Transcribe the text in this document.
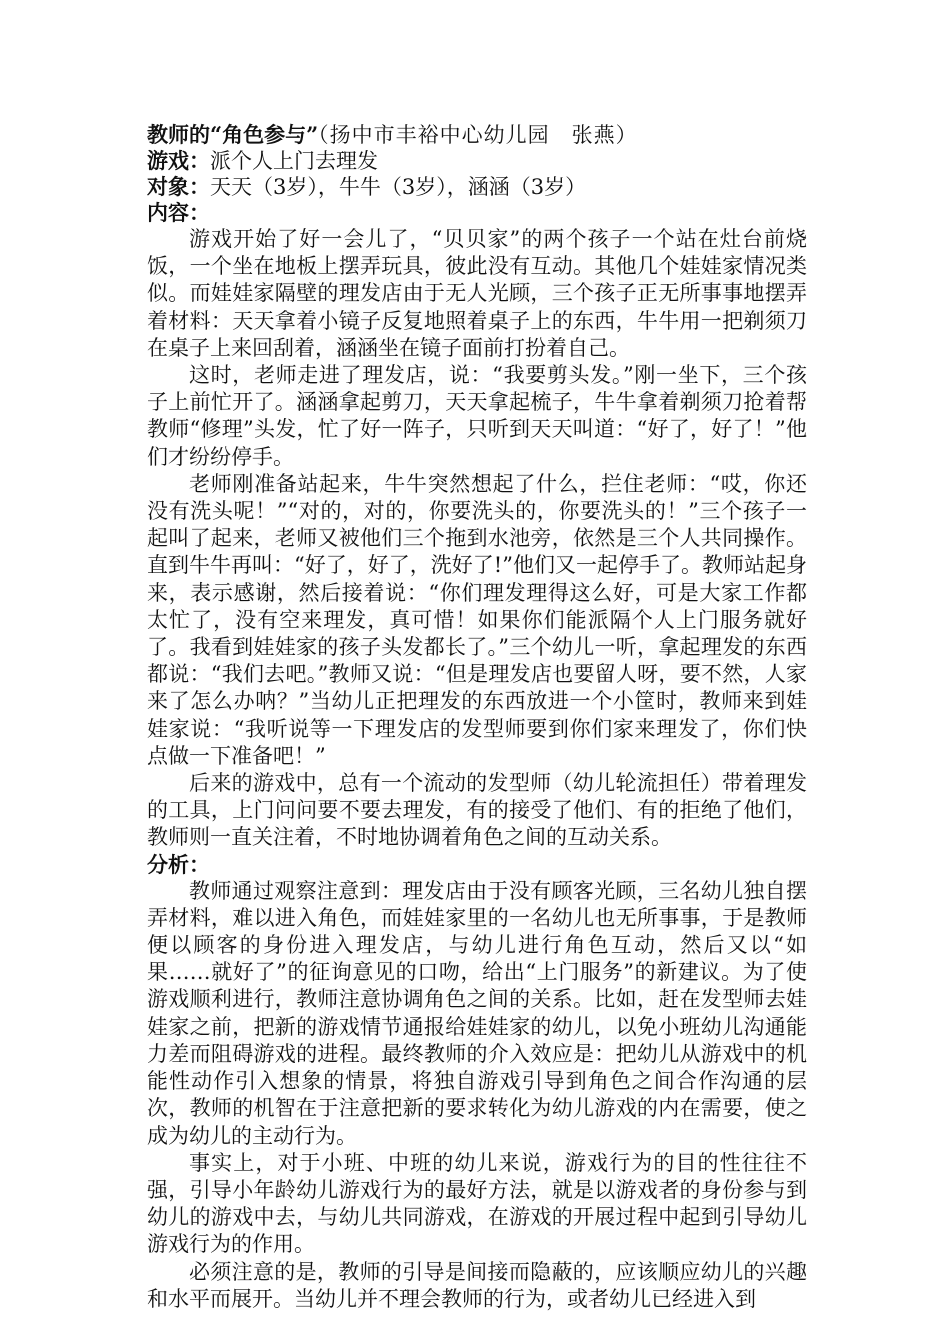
教师的“角色参与”（扬中市丰裕中心幼儿园　张燕）
游戏：派个人上门去理发
对象：天天（3岁），牛牛（3岁），涵涵（3岁）
内容：

游戏开始了好一会儿了，“贝贝家”的两个孩子一个站在灶台前烧饭，一个坐在地板上摆弄玩具，彼此没有互动。其他几个娃娃家情况类似。而娃娃家隔壁的理发店由于无人光顾，三个孩子正无所事事地摆弄着材料：天天拿着小镜子反复地照着桌子上的东西，牛牛用一把剃须刀在桌子上来回刮着，涵涵坐在镜子面前打扮着自己。

这时，老师走进了理发店，说：“我要剪头发。”刚一坐下，三个孩子上前忙开了。涵涵拿起剪刀，天天拿起梳子，牛牛拿着剃须刀抢着帮教师“修理”头发，忙了好一阵子，只听到天天叫道：“好了，好了！”他们才纷纷停手。

老师刚准备站起来，牛牛突然想起了什么，拦住老师：“哎，你还没有洗头呢！”“对的，对的，你要洗头的，你要洗头的！”三个孩子一起叫了起来，老师又被他们三个拖到水池旁，依然是三个人共同操作。直到牛牛再叫：“好了，好了，洗好了!”他们又一起停手了。教师站起身来，表示感谢，然后接着说：“你们理发理得这么好，可是大家工作都太忙了，没有空来理发，真可惜！如果你们能派隔个人上门服务就好了。我看到娃娃家的孩子头发都长了。”三个幼儿一听，拿起理发的东西都说：“我们去吧。”教师又说：“但是理发店也要留人呀，要不然，人家来了怎么办呐？”当幼儿正把理发的东西放进一个小筐时，教师来到娃娃家说：“我听说等一下理发店的发型师要到你们家来理发了，你们快点做一下准备吧！”

后来的游戏中，总有一个流动的发型师（幼儿轮流担任）带着理发的工具，上门问问要不要去理发，有的接受了他们、有的拒绝了他们，教师则一直关注着，不时地协调着角色之间的互动关系。

分析：

教师通过观察注意到：理发店由于没有顾客光顾，三名幼儿独自摆弄材料，难以进入角色，而娃娃家里的一名幼儿也无所事事，于是教师便以顾客的身份进入理发店，与幼儿进行角色互动，然后又以“如果……就好了”的征询意见的口吻，给出“上门服务”的新建议。为了使游戏顺利进行，教师注意协调角色之间的关系。比如，赶在发型师去娃娃家之前，把新的游戏情节通报给娃娃家的幼儿，以免小班幼儿沟通能力差而阻碍游戏的进程。最终教师的介入效应是：把幼儿从游戏中的机能性动作引入想象的情景，将独自游戏引导到角色之间合作沟通的层次，教师的机智在于注意把新的要求转化为幼儿游戏的内在需要，使之成为幼儿的主动行为。

事实上，对于小班、中班的幼儿来说，游戏行为的目的性往往不强，引导小年龄幼儿游戏行为的最好方法，就是以游戏者的身份参与到幼儿的游戏中去，与幼儿共同游戏，在游戏的开展过程中起到引导幼儿游戏行为的作用。

必须注意的是，教师的引导是间接而隐蔽的，应该顺应幼儿的兴趣和水平而展开。当幼儿并不理会教师的行为，或者幼儿已经进入到
